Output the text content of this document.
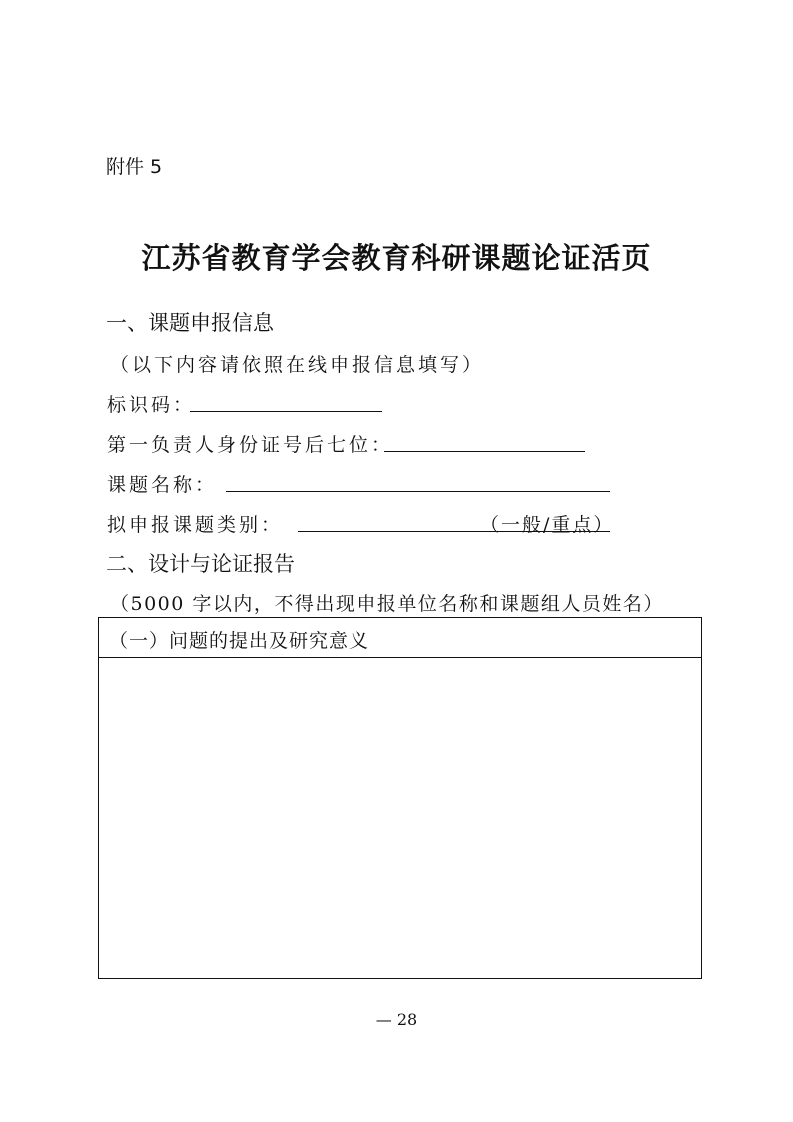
附件 5
江苏省教育学会教育科研课题论证活页
一、课题申报信息
（以下内容请依照在线申报信息填写）
标识码：
第一负责人身份证号后七位：
课题名称：
拟申报课题类别：	（一般/重点）
二、设计与论证报告
（5000 字以内，不得出现申报单位名称和课题组人员姓名）
（一）问题的提出及研究意义
— 28
